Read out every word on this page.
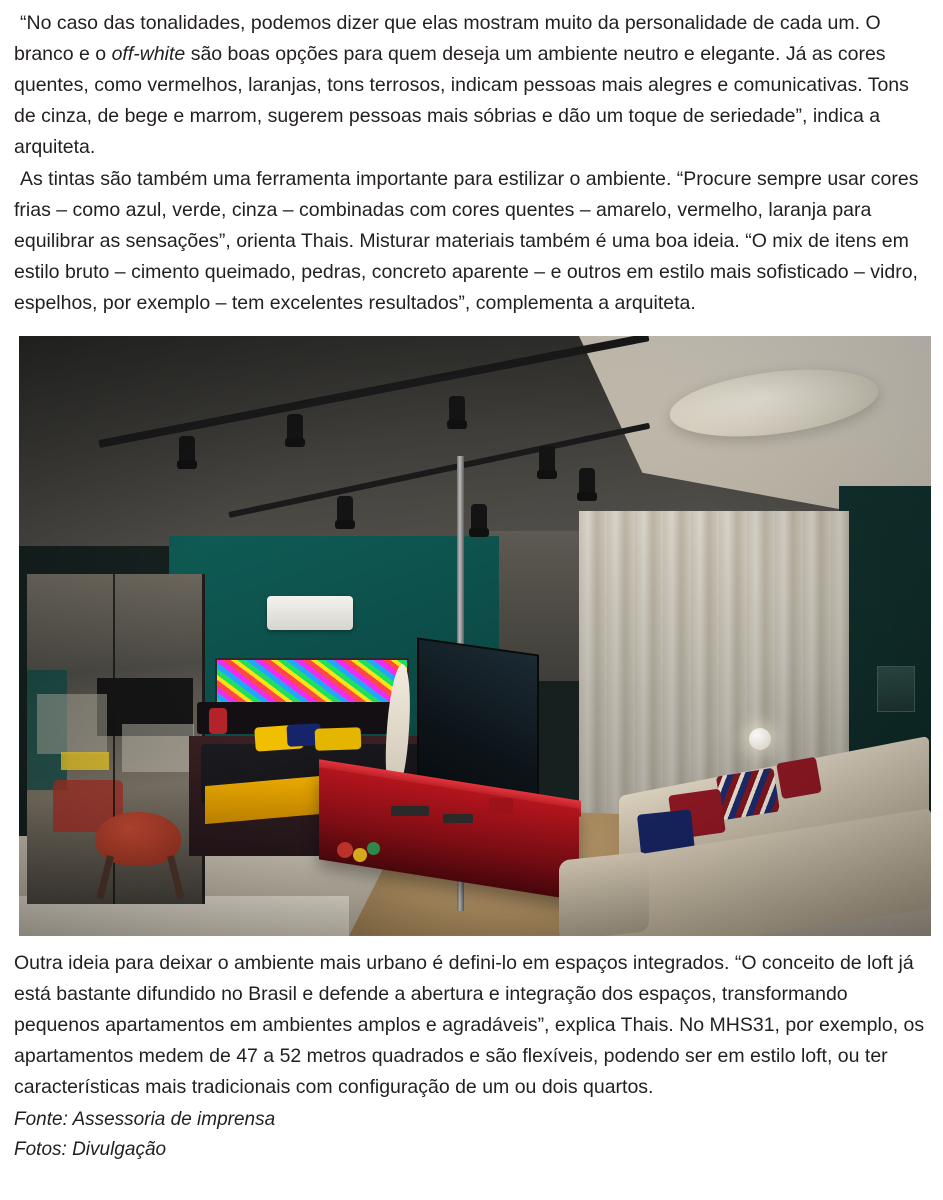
“No caso das tonalidades, podemos dizer que elas mostram muito da personalidade de cada um. O branco e o off-white são boas opções para quem deseja um ambiente neutro e elegante. Já as cores quentes, como vermelhos, laranjas, tons terrosos, indicam pessoas mais alegres e comunicativas. Tons de cinza, de bege e marrom, sugerem pessoas mais sóbrias e dão um toque de seriedade”, indica a arquiteta.

As tintas são também uma ferramenta importante para estilizar o ambiente. “Procure sempre usar cores frias – como azul, verde, cinza – combinadas com cores quentes – amarelo, vermelho, laranja para equilibrar as sensações”, orienta Thais. Misturar materiais também é uma boa ideia. “O mix de itens em estilo bruto – cimento queimado, pedras, concreto aparente – e outros em estilo mais sofisticado – vidro, espelhos, por exemplo – tem excelentes resultados”, complementa a arquiteta.

Outra ideia para deixar o ambiente mais urbano é defini-lo em espaços integrados. “O conceito de loft já está bastante difundido no Brasil e defende a abertura e integração dos espaços, transformando pequenos apartamentos em ambientes amplos e agradáveis”, explica Thais. No MHS31, por exemplo, os apartamentos medem de 47 a 52 metros quadrados e são flexíveis, podendo ser em estilo loft, ou ter características mais tradicionais com configuração de um ou dois quartos.

Fonte: Assessoria de imprensa
Fotos: Divulgação
